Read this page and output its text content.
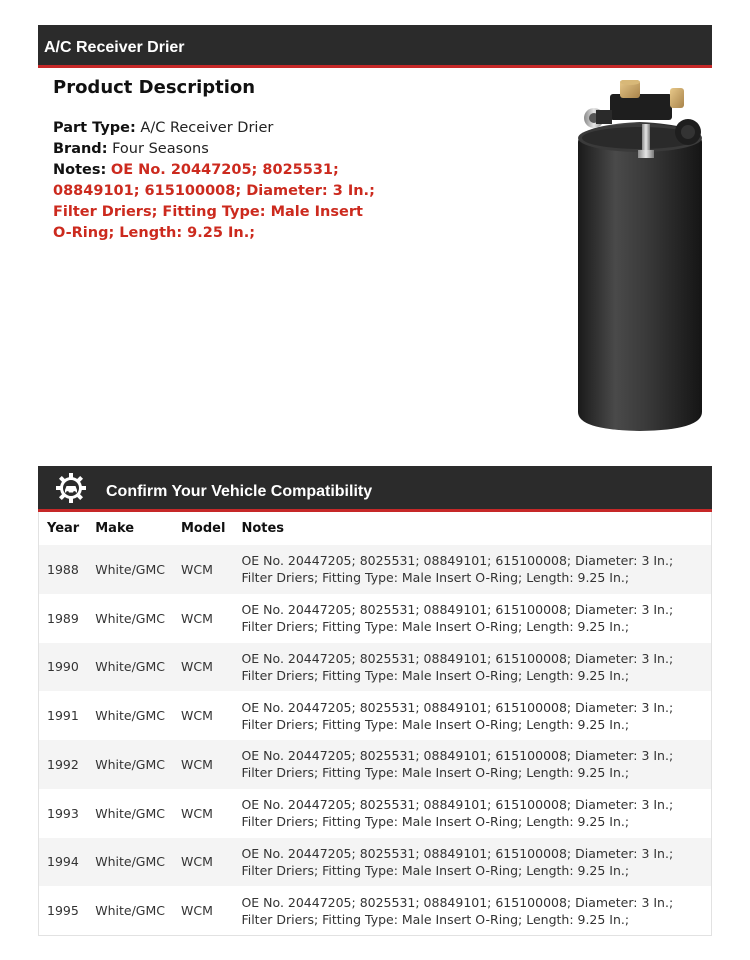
A/C Receiver Drier
Product Description
Part Type: A/C Receiver Drier
Brand: Four Seasons
Notes: OE No. 20447205; 8025531; 08849101; 615100008; Diameter: 3 In.; Filter Driers; Fitting Type: Male Insert O-Ring; Length: 9.25 In.;
Confirm Your Vehicle Compatibility
Year	Make	Model	Notes
1988	White/GMC	WCM	OE No. 20447205; 8025531; 08849101; 615100008; Diameter: 3 In.; Filter Driers; Fitting Type: Male Insert O-Ring; Length: 9.25 In.;
1989	White/GMC	WCM	OE No. 20447205; 8025531; 08849101; 615100008; Diameter: 3 In.; Filter Driers; Fitting Type: Male Insert O-Ring; Length: 9.25 In.;
1990	White/GMC	WCM	OE No. 20447205; 8025531; 08849101; 615100008; Diameter: 3 In.; Filter Driers; Fitting Type: Male Insert O-Ring; Length: 9.25 In.;
1991	White/GMC	WCM	OE No. 20447205; 8025531; 08849101; 615100008; Diameter: 3 In.; Filter Driers; Fitting Type: Male Insert O-Ring; Length: 9.25 In.;
1992	White/GMC	WCM	OE No. 20447205; 8025531; 08849101; 615100008; Diameter: 3 In.; Filter Driers; Fitting Type: Male Insert O-Ring; Length: 9.25 In.;
1993	White/GMC	WCM	OE No. 20447205; 8025531; 08849101; 615100008; Diameter: 3 In.; Filter Driers; Fitting Type: Male Insert O-Ring; Length: 9.25 In.;
1994	White/GMC	WCM	OE No. 20447205; 8025531; 08849101; 615100008; Diameter: 3 In.; Filter Driers; Fitting Type: Male Insert O-Ring; Length: 9.25 In.;
1995	White/GMC	WCM	OE No. 20447205; 8025531; 08849101; 615100008; Diameter: 3 In.; Filter Driers; Fitting Type: Male Insert O-Ring; Length: 9.25 In.;
